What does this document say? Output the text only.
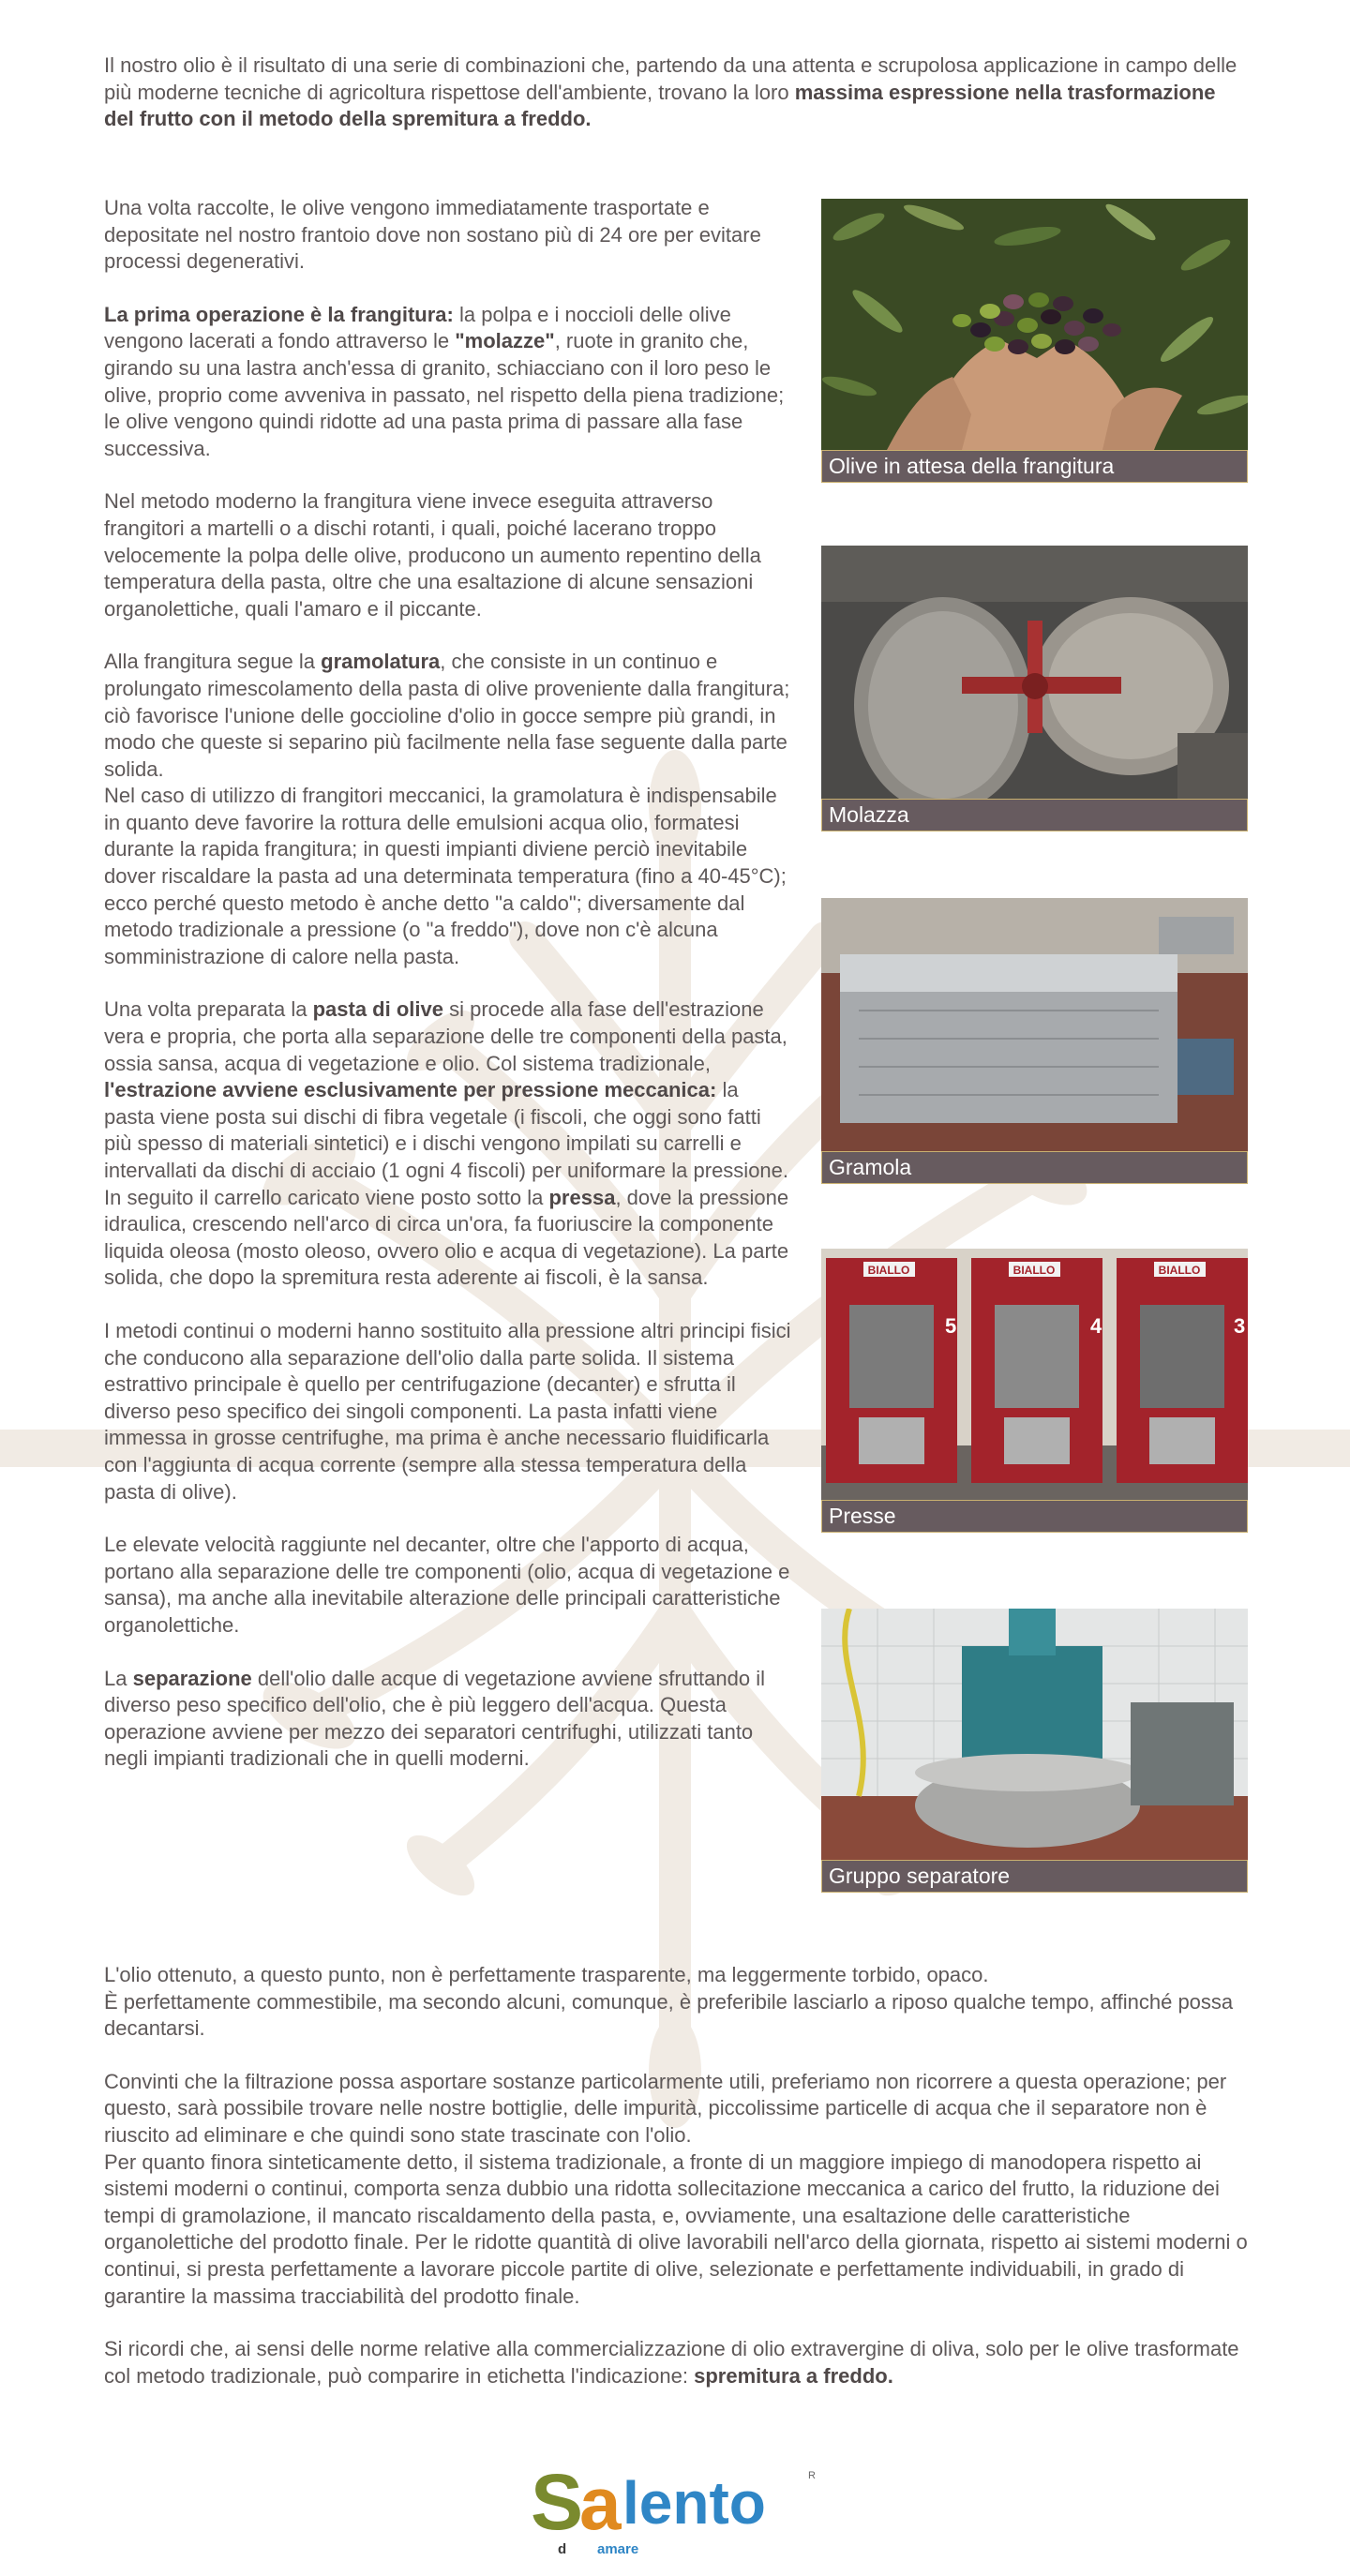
Il nostro olio è il risultato di una serie di combinazioni che, partendo da una attenta e scrupolosa applicazione in campo delle più moderne tecniche di agricoltura rispettose dell'ambiente, trovano la loro massima espressione nella trasformazione del frutto con il metodo della spremitura a freddo.

Una volta raccolte, le olive vengono immediatamente trasportate e depositate nel nostro frantoio dove non sostano più di 24 ore per evitare processi degenerativi.

La prima operazione è la frangitura: la polpa e i noccioli delle olive vengono lacerati a fondo attraverso le "molazze", ruote in granito che, girando su una lastra anch'essa di granito, schiacciano con il loro peso le olive, proprio come avveniva in passato, nel rispetto della piena tradizione; le olive vengono quindi ridotte ad una pasta prima di passare alla fase successiva.

Nel metodo moderno la frangitura viene invece eseguita attraverso frangitori a martelli o a dischi rotanti, i quali, poiché lacerano troppo velocemente la polpa delle olive, producono un aumento repentino della temperatura della pasta, oltre che una esaltazione di alcune sensazioni organolettiche, quali l'amaro e il piccante.

Alla frangitura segue la gramolatura, che consiste in un continuo e prolungato rimescolamento della pasta di olive proveniente dalla frangitura; ciò favorisce l'unione delle goccioline d'olio in gocce sempre più grandi, in modo che queste si separino più facilmente nella fase seguente dalla parte solida.
Nel caso di utilizzo di frangitori meccanici, la gramolatura è indispensabile in quanto deve favorire la rottura delle emulsioni acqua olio, formatesi durante la rapida frangitura; in questi impianti diviene perciò inevitabile dover riscaldare la pasta ad una determinata temperatura (fino a 40-45°C); ecco perché questo metodo è anche detto "a caldo"; diversamente dal metodo tradizionale a pressione (o "a freddo"), dove non c'è alcuna somministrazione di calore nella pasta.

Una volta preparata la pasta di olive si procede alla fase dell'estrazione vera e propria, che porta alla separazione delle tre componenti della pasta, ossia sansa, acqua di vegetazione e olio. Col sistema tradizionale, l'estrazione avviene esclusivamente per pressione meccanica: la pasta viene posta sui dischi di fibra vegetale (i fiscoli, che oggi sono fatti più spesso di materiali sintetici) e i dischi vengono impilati su carrelli e intervallati da dischi di acciaio (1 ogni 4 fiscoli) per uniformare la pressione.
In seguito il carrello caricato viene posto sotto la pressa, dove la pressione idraulica, crescendo nell'arco di circa un'ora, fa fuoriuscire la componente liquida oleosa (mosto oleoso, ovvero olio e acqua di vegetazione). La parte solida, che dopo la spremitura resta aderente ai fiscoli, è la sansa.

I metodi continui o moderni hanno sostituito alla pressione altri principi fisici che conducono alla separazione dell'olio dalla parte solida. Il sistema estrattivo principale è quello per centrifugazione (decanter) e sfrutta il diverso peso specifico dei singoli componenti. La pasta infatti viene immessa in grosse centrifughe, ma prima è anche necessario fluidificarla con l'aggiunta di acqua corrente (sempre alla stessa temperatura della pasta di olive).

Le elevate velocità raggiunte nel decanter, oltre che l'apporto di acqua, portano alla separazione delle tre componenti (olio, acqua di vegetazione e sansa), ma anche alla inevitabile alterazione delle principali caratteristiche organolettiche.

La separazione dell'olio dalle acque di vegetazione avviene sfruttando il diverso peso specifico dell'olio, che è più leggero dell'acqua. Questa operazione avviene per mezzo dei separatori centrifughi, utilizzati tanto negli impianti tradizionali che in quelli moderni.

Olive in attesa della frangitura
Molazza
Gramola
BIALLO	BIALLO	BIALLO
5	4	3
Presse
Gruppo separatore

L'olio ottenuto, a questo punto, non è perfettamente trasparente, ma leggermente torbido, opaco.
È perfettamente commestibile, ma secondo alcuni, comunque, è preferibile lasciarlo a riposo qualche tempo, affinché possa decantarsi.

Convinti che la filtrazione possa asportare sostanze particolarmente utili, preferiamo non ricorrere a questa operazione; per questo, sarà possibile trovare nelle nostre bottiglie, delle impurità, piccolissime particelle di acqua che il separatore non è riuscito ad eliminare e che quindi sono state trascinate con l'olio.
Per quanto finora sinteticamente detto, il sistema tradizionale, a fronte di un maggiore impiego di manodopera rispetto ai sistemi moderni o continui, comporta senza dubbio una ridotta sollecitazione meccanica a carico del frutto, la riduzione dei tempi di gramolazione, il mancato riscaldamento della pasta, e, ovviamente, una esaltazione delle caratteristiche organolettiche del prodotto finale. Per le ridotte quantità di olive lavorabili nell'arco della giornata, rispetto ai sistemi moderni o continui, si presta perfettamente a lavorare piccole partite di olive, selezionate e perfettamente individuabili, in grado di garantire la massima tracciabilità del prodotto finale.

Si ricordi che, ai sensi delle norme relative alla commercializzazione di olio extravergine di oliva, solo per le olive trasformate col metodo tradizionale, può comparire in etichetta l'indicazione: spremitura a freddo.

S
a lento	R
d amare
